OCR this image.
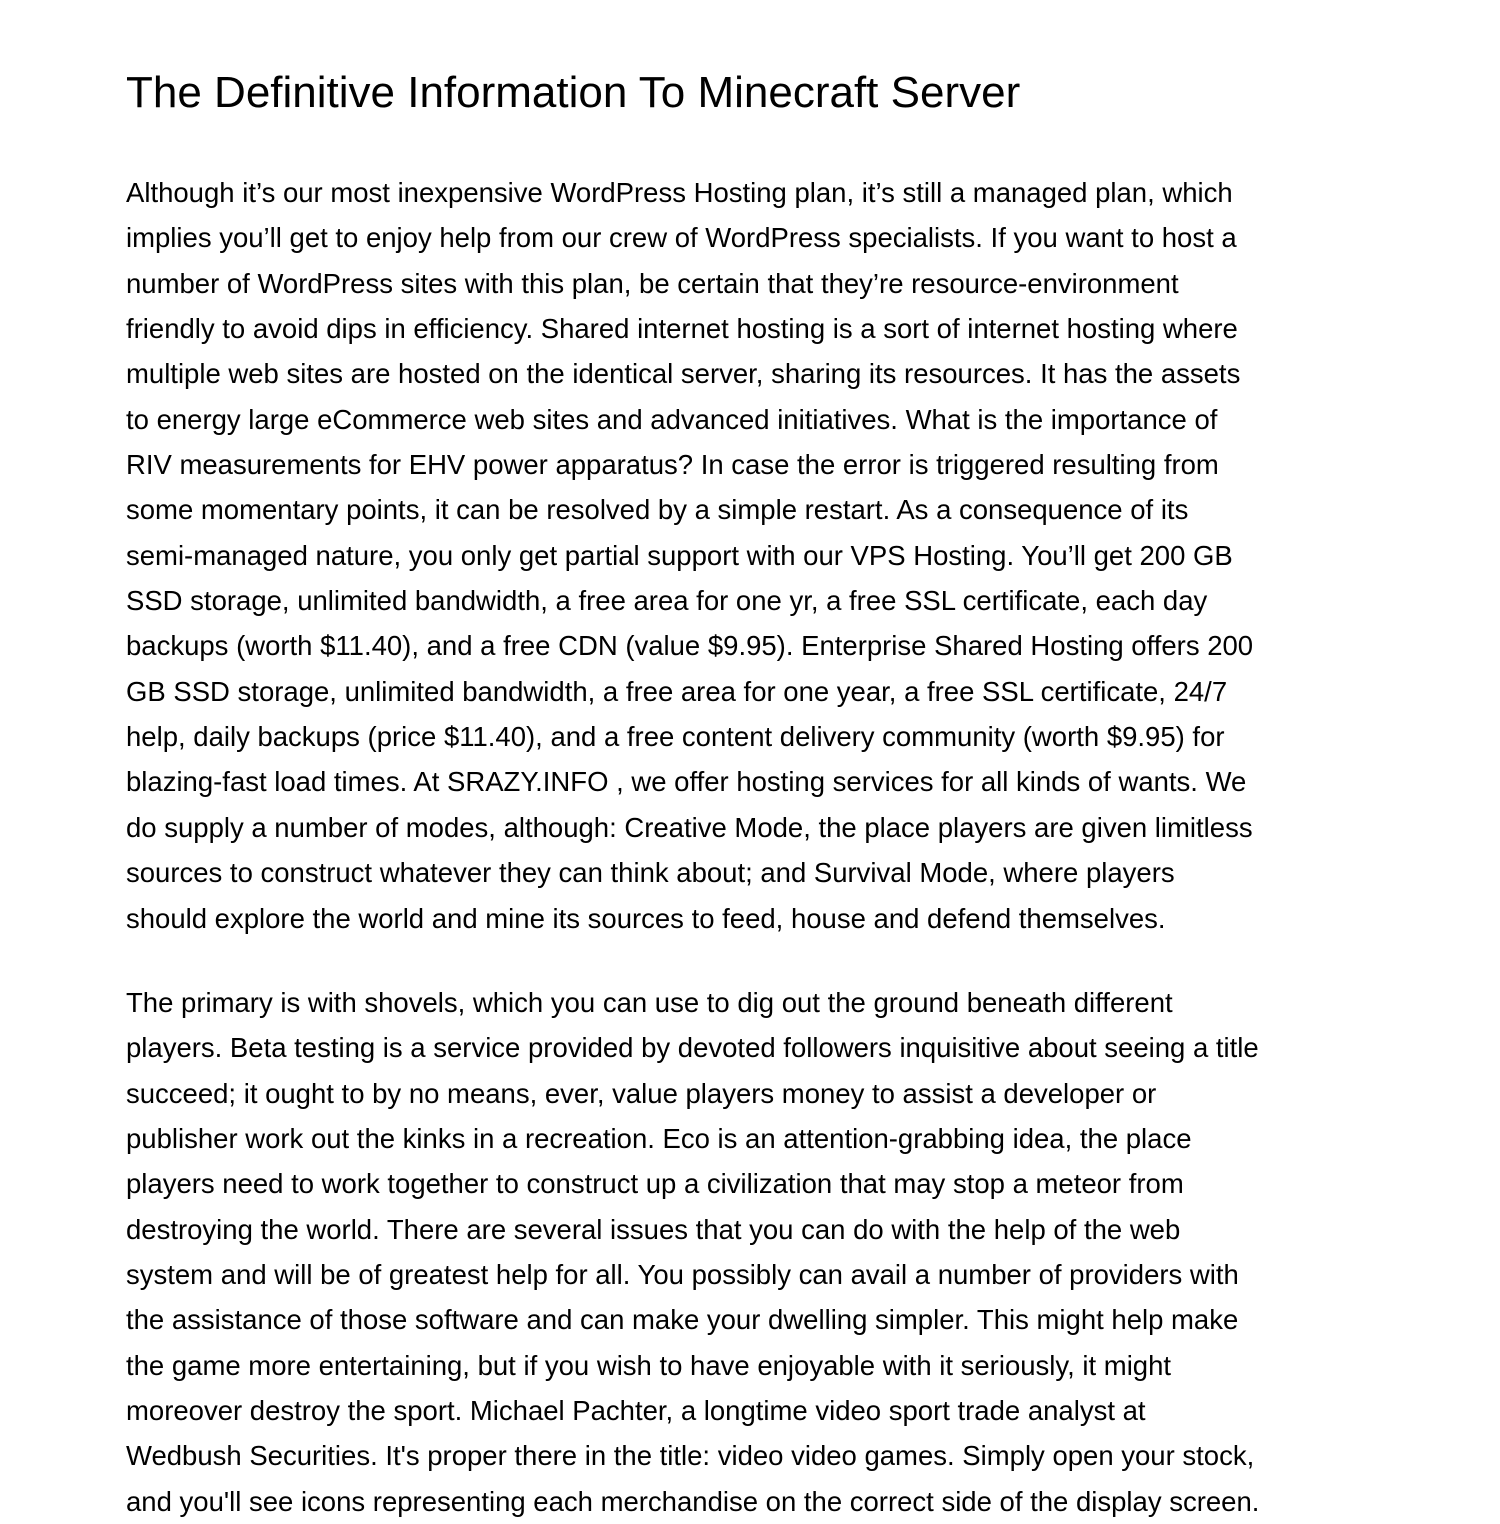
The Definitive Information To Minecraft Server

Although it’s our most inexpensive WordPress Hosting plan, it’s still a managed plan, which
implies you’ll get to enjoy help from our crew of WordPress specialists. If you want to host a
number of WordPress sites with this plan, be certain that they’re resource-environment
friendly to avoid dips in efficiency. Shared internet hosting is a sort of internet hosting where
multiple web sites are hosted on the identical server, sharing its resources. It has the assets
to energy large eCommerce web sites and advanced initiatives. What is the importance of
RIV measurements for EHV power apparatus? In case the error is triggered resulting from
some momentary points, it can be resolved by a simple restart. As a consequence of its
semi-managed nature, you only get partial support with our VPS Hosting. You’ll get 200 GB
SSD storage, unlimited bandwidth, a free area for one yr, a free SSL certificate, each day
backups (worth $11.40), and a free CDN (value $9.95). Enterprise Shared Hosting offers 200
GB SSD storage, unlimited bandwidth, a free area for one year, a free SSL certificate, 24/7
help, daily backups (price $11.40), and a free content delivery community (worth $9.95) for
blazing-fast load times. At SRAZY.INFO , we offer hosting services for all kinds of wants. We
do supply a number of modes, although: Creative Mode, the place players are given limitless
sources to construct whatever they can think about; and Survival Mode, where players
should explore the world and mine its sources to feed, house and defend themselves.

The primary is with shovels, which you can use to dig out the ground beneath different
players. Beta testing is a service provided by devoted followers inquisitive about seeing a title
succeed; it ought to by no means, ever, value players money to assist a developer or
publisher work out the kinks in a recreation. Eco is an attention-grabbing idea, the place
players need to work together to construct up a civilization that may stop a meteor from
destroying the world. There are several issues that you can do with the help of the web
system and will be of greatest help for all. You possibly can avail a number of providers with
the assistance of those software and can make your dwelling simpler. This might help make
the game more entertaining, but if you wish to have enjoyable with it seriously, it might
moreover destroy the sport. Michael Pachter, a longtime video sport trade analyst at
Wedbush Securities. It's proper there in the title: video video games. Simply open your stock,
and you'll see icons representing each merchandise on the correct side of the display screen.
